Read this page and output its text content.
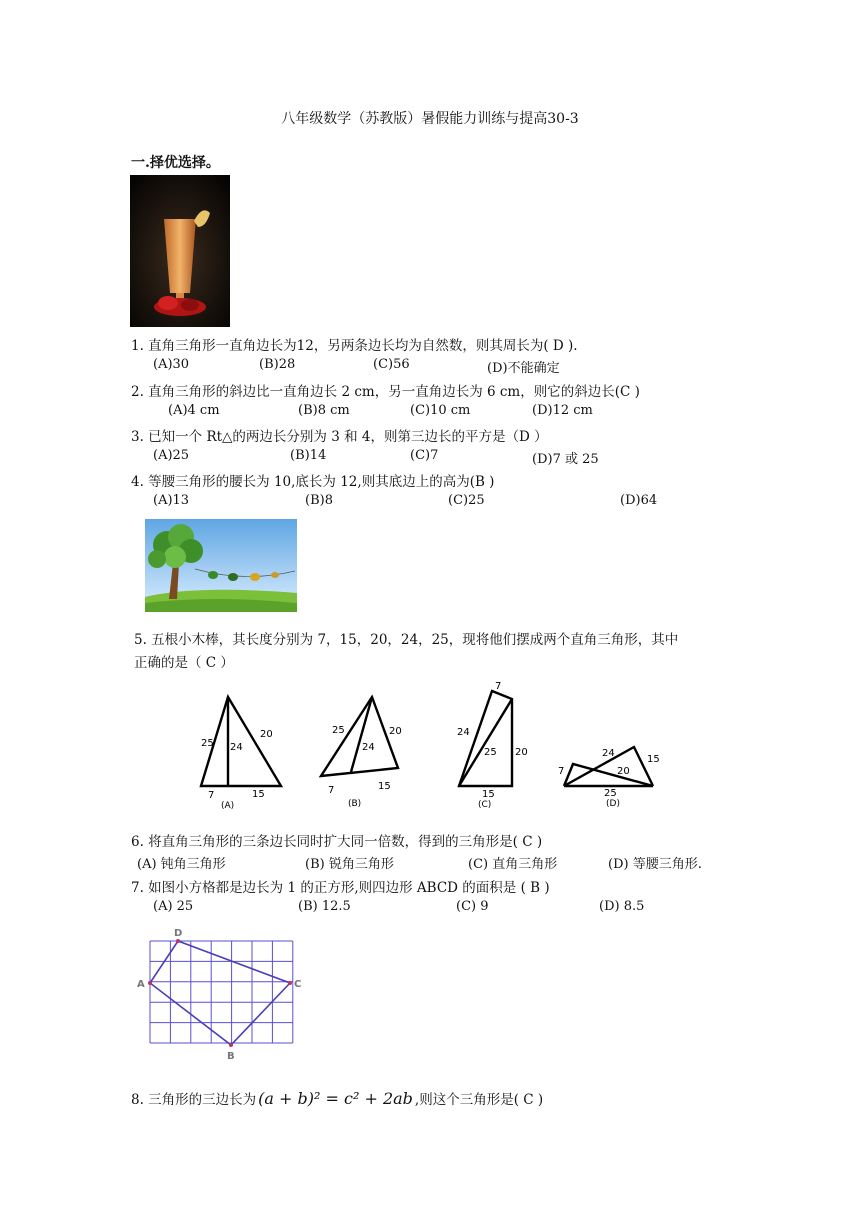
八年级数学（苏教版）暑假能力训练与提高30-3
一.择优选择。
1. 直角三角形一直角边长为12，另两条边长均为自然数，则其周长为( D ).
(A)30	(B)28	(C)56	(D)不能确定
2. 直角三角形的斜边比一直角边长 2 cm，另一直角边长为 6 cm，则它的斜边长(C )
(A)4 cm	(B)8 cm	(C)10 cm	(D)12 cm
3. 已知一个 Rt△的两边长分别为 3 和 4，则第三边长的平方是（D ）
(A)25	(B)14	(C)7	(D)7 或 25
4. 等腰三角形的腰长为 10,底长为 12,则其底边上的高为(B )
(A)13	(B)8	(C)25	(D)64
5. 五根小木棒，其长度分别为 7，15，20，24，25，现将他们摆成两个直角三角形，其中
正确的是（ C ）
25 24
20
7	15
(A)
25
24
20
7	15
(B)
7
24
25 20
15
(C)
7
24
20
15
25
(D)
6. 将直角三角形的三条边长同时扩大同一倍数，得到的三角形是( C )
(A) 钝角三角形	(B) 锐角三角形	(C) 直角三角形	(D) 等腰三角形.
7. 如图小方格都是边长为 1 的正方形,则四边形 ABCD 的面积是 ( B )
(A) 25	(B) 12.5	(C) 9	(D) 8.5
D
A	C
B
8. 三角形的三边长为 (a + b)² = c² + 2ab ,则这个三角形是( C )
